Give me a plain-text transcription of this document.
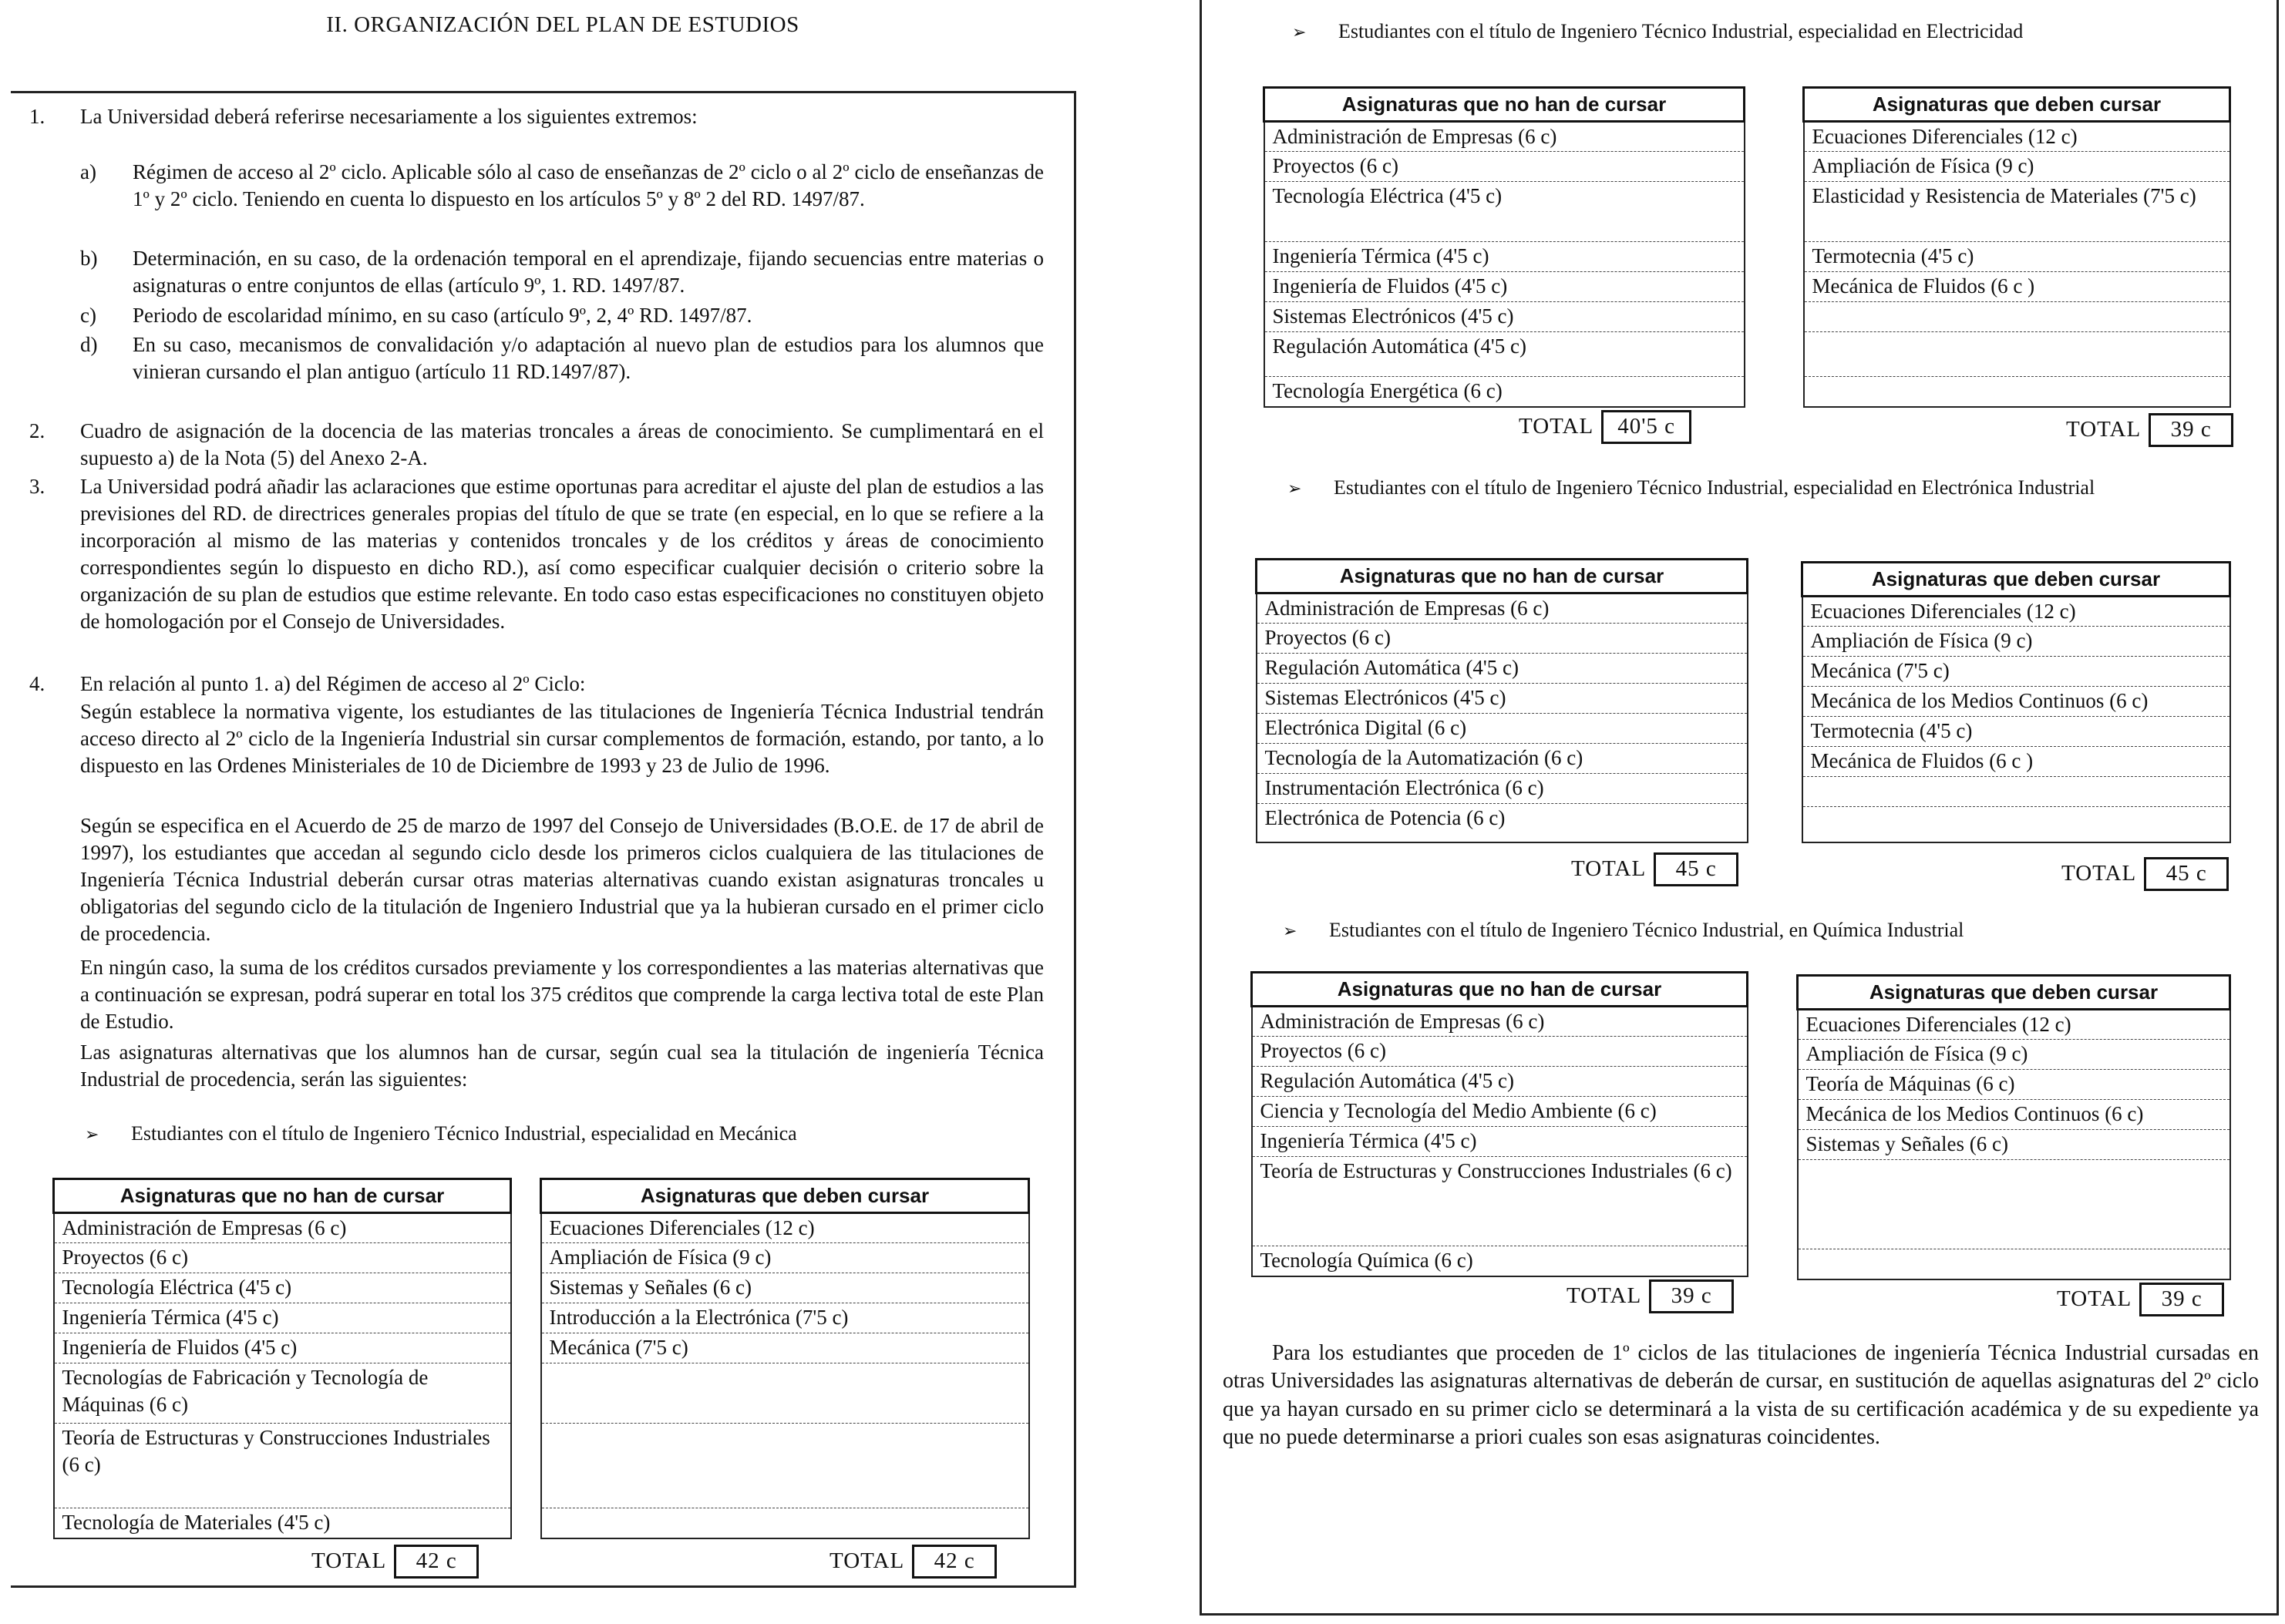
II. ORGANIZACIÓN DEL PLAN DE ESTUDIOS
1. La Universidad deberá referirse necesariamente a los siguientes extremos:
a) Régimen de acceso al 2º ciclo. Aplicable sólo al caso de enseñanzas de 2º ciclo o al 2º ciclo de enseñanzas de 1º y 2º ciclo. Teniendo en cuenta lo dispuesto en los artículos 5º y 8º 2 del RD. 1497/87.
b) Determinación, en su caso, de la ordenación temporal en el aprendizaje, fijando secuencias entre materias o asignaturas o entre conjuntos de ellas (artículo 9º, 1. RD. 1497/87.
c) Periodo de escolaridad mínimo, en su caso (artículo 9º, 2, 4º RD. 1497/87.
d) En su caso, mecanismos de convalidación y/o adaptación al nuevo plan de estudios para los alumnos que vinieran cursando el plan antiguo (artículo 11 RD.1497/87).
2. Cuadro de asignación de la docencia de las materias troncales a áreas de conocimiento. Se cumplimentará en el supuesto a) de la Nota (5) del Anexo 2-A.
3. La Universidad podrá añadir las aclaraciones que estime oportunas para acreditar el ajuste del plan de estudios a las previsiones del RD. de directrices generales propias del título de que se trate (en especial, en lo que se refiere a la incorporación al mismo de las materias y contenidos troncales y de los créditos y áreas de conocimiento correspondientes según lo dispuesto en dicho RD.), así como especificar cualquier decisión o criterio sobre la organización de su plan de estudios que estime relevante. En todo caso estas especificaciones no constituyen objeto de homologación por el Consejo de Universidades.
4. En relación al punto 1. a) del Régimen de acceso al 2º Ciclo:
Según establece la normativa vigente, los estudiantes de las titulaciones de Ingeniería Técnica Industrial tendrán acceso directo al 2º ciclo de la Ingeniería Industrial sin cursar complementos de formación, estando, por tanto, a lo dispuesto en las Ordenes Ministeriales de 10 de Diciembre de 1993 y 23 de Julio de 1996.
Según se especifica en el Acuerdo de 25 de marzo de 1997 del Consejo de Universidades (B.O.E. de 17 de abril de 1997), los estudiantes que accedan al segundo ciclo desde los primeros ciclos cualquiera de las titulaciones de Ingeniería Técnica Industrial deberán cursar otras materias alternativas cuando existan asignaturas troncales u obligatorias del segundo ciclo de la titulación de Ingeniero Industrial que ya la hubieran cursado en el primer ciclo de procedencia.
En ningún caso, la suma de los créditos cursados previamente y los correspondientes a las materias alternativas que a continuación se expresan, podrá superar en total los 375 créditos que comprende la carga lectiva total de este Plan de Estudio.
Las asignaturas alternativas que los alumnos han de cursar, según cual sea la titulación de ingeniería Técnica Industrial de procedencia, serán las siguientes:
➢ Estudiantes con el título de Ingeniero Técnico Industrial, especialidad en Mecánica
Asignaturas que no han de cursar
Administración de Empresas (6 c)
Proyectos (6 c)
Tecnología Eléctrica (4'5 c)
Ingeniería Térmica (4'5 c)
Ingeniería de Fluidos (4'5 c)
Tecnologías de Fabricación y Tecnología de Máquinas (6 c)
Teoría de Estructuras y Construcciones Industriales (6 c)
Tecnología de Materiales (4'5 c)
Asignaturas que deben cursar
Ecuaciones Diferenciales (12 c)
Ampliación de Física (9 c)
Sistemas y Señales (6 c)
Introducción a la Electrónica (7'5 c)
Mecánica (7'5 c)

TOTAL 42 c	TOTAL 42 c
➢ Estudiantes con el título de Ingeniero Técnico Industrial, especialidad en Electricidad
Asignaturas que no han de cursar
Administración de Empresas (6 c)
Proyectos (6 c)
Tecnología Eléctrica (4'5 c)
Ingeniería Térmica (4'5 c)
Ingeniería de Fluidos (4'5 c)
Sistemas Electrónicos (4'5 c)
Regulación Automática (4'5 c)
Tecnología Energética (6 c)
Asignaturas que deben cursar
Ecuaciones Diferenciales (12 c)
Ampliación de Física (9 c)
Elasticidad y Resistencia de Materiales (7'5 c)
Termotecnia (4'5 c)
Mecánica de Fluidos (6 c )

TOTAL 40'5 c	TOTAL 39 c
➢ Estudiantes con el título de Ingeniero Técnico Industrial, especialidad en Electrónica Industrial
Asignaturas que no han de cursar
Administración de Empresas (6 c)
Proyectos (6 c)
Regulación Automática (4'5 c)
Sistemas Electrónicos (4'5 c)
Electrónica Digital (6 c)
Tecnología de la Automatización (6 c)
Instrumentación Electrónica (6 c)
Electrónica de Potencia (6 c)
Asignaturas que deben cursar
Ecuaciones Diferenciales (12 c)
Ampliación de Física (9 c)
Mecánica (7'5 c)
Mecánica de los Medios Continuos (6 c)
Termotecnia (4'5 c)
Mecánica de Fluidos (6 c )

TOTAL 45 c	TOTAL 45 c
➢ Estudiantes con el título de Ingeniero Técnico Industrial, en Química Industrial
Asignaturas que no han de cursar
Administración de Empresas (6 c)
Proyectos (6 c)
Regulación Automática (4'5 c)
Ciencia y Tecnología del Medio Ambiente (6 c)
Ingeniería Térmica (4'5 c)
Teoría de Estructuras y Construcciones Industriales (6 c)
Tecnología Química (6 c)
Asignaturas que deben cursar
Ecuaciones Diferenciales (12 c)
Ampliación de Física (9 c)
Teoría de Máquinas (6 c)
Mecánica de los Medios Continuos (6 c)
Sistemas y Señales (6 c)

TOTAL 39 c	TOTAL 39 c
Para los estudiantes que proceden de 1º ciclos de las titulaciones de ingeniería Técnica Industrial cursadas en otras Universidades las asignaturas alternativas de deberán de cursar, en sustitución de aquellas asignaturas del 2º ciclo que ya hayan cursado en su primer ciclo se determinará a la vista de su certificación académica y de su expediente ya que no puede determinarse a priori cuales son esas asignaturas coincidentes.
